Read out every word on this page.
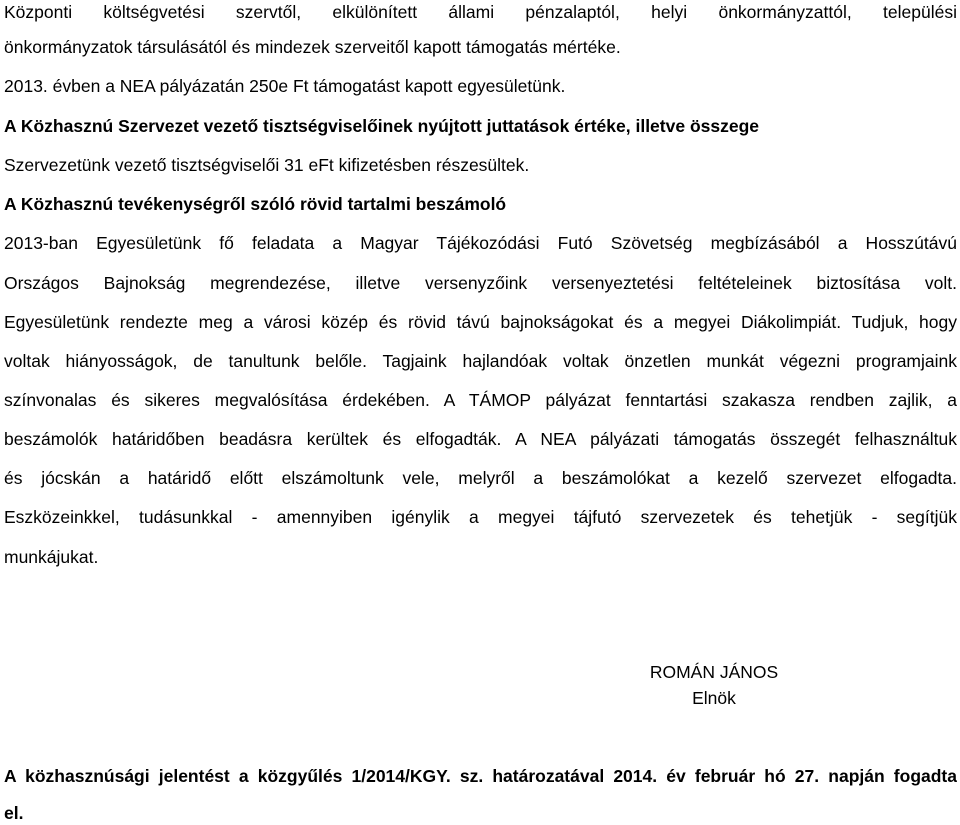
Központi költségvetési szervtől, elkülönített állami pénzalaptól, helyi önkormányzattól, települési
önkormányzatok társulásától és mindezek szerveitől kapott támogatás mértéke.
2013. évben a NEA pályázatán 250e Ft támogatást kapott egyesületünk.
A Közhasznú Szervezet vezető tisztségviselőinek nyújtott juttatások értéke, illetve összege
Szervezetünk vezető tisztségviselői 31 eFt kifizetésben részesültek.
A Közhasznú tevékenységről szóló rövid tartalmi beszámoló
2013-ban Egyesületünk fő feladata a Magyar Tájékozódási Futó Szövetség megbízásából a Hosszútávú
Országos Bajnokság megrendezése, illetve versenyzőink versenyeztetési feltételeinek biztosítása volt.
Egyesületünk rendezte meg a városi közép és rövid távú bajnokságokat és a megyei Diákolimpiát. Tudjuk, hogy
voltak hiányosságok, de tanultunk belőle. Tagjaink hajlandóak voltak önzetlen munkát végezni programjaink
színvonalas és sikeres megvalósítása érdekében. A TÁMOP pályázat fenntartási szakasza rendben zajlik, a
beszámolók határidőben beadásra kerültek és elfogadták. A NEA pályázati támogatás összegét felhasználtuk
és jócskán a határidő előtt elszámoltunk vele, melyről a beszámolókat a kezelő szervezet elfogadta.
Eszközeinkkel, tudásunkkal - amennyiben igénylik a megyei tájfutó szervezetek és tehetjük - segítjük
munkájukat.
ROMÁN JÁNOS
Elnök
A közhasznúsági jelentést a közgyűlés 1/2014/KGY. sz. határozatával 2014. év február hó 27. napján fogadta
el.
